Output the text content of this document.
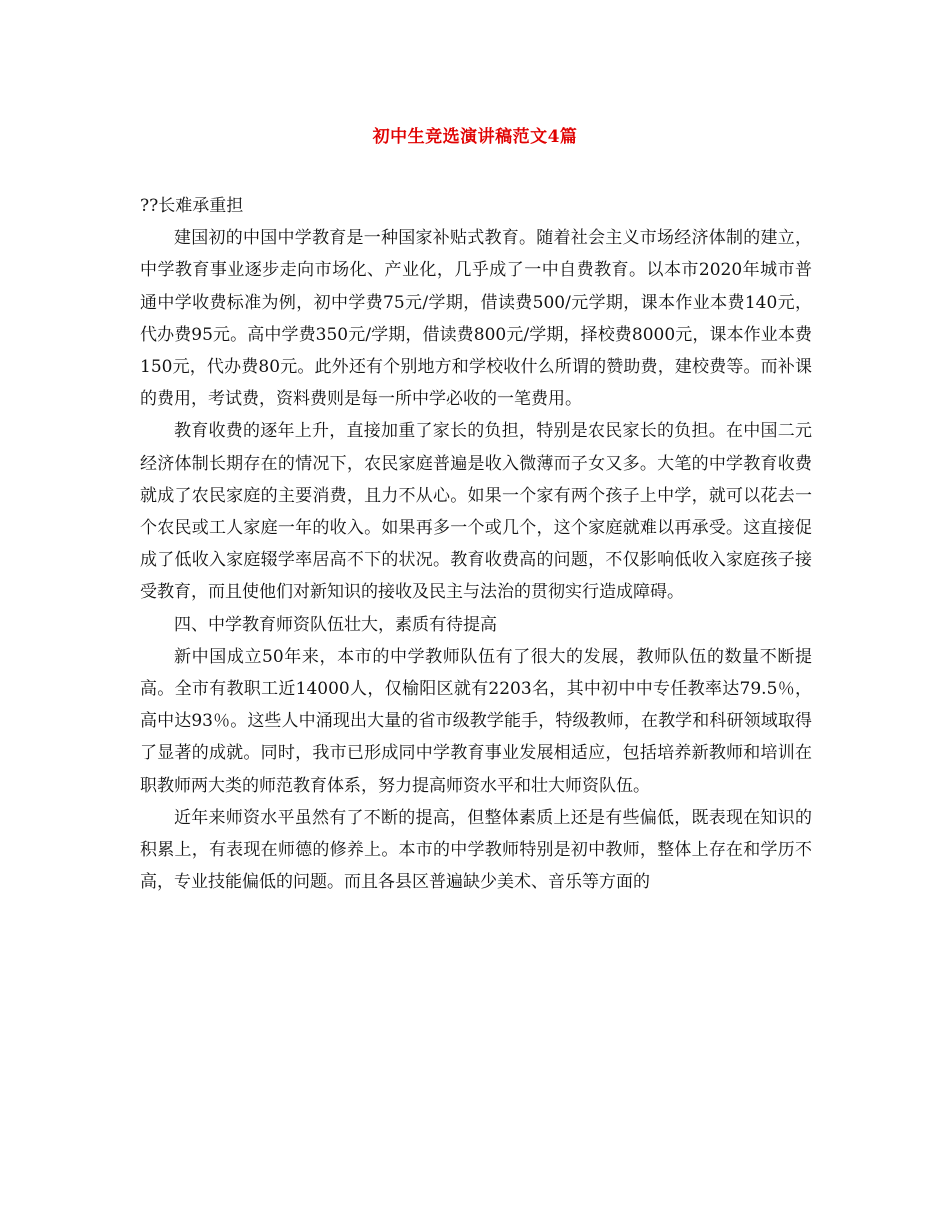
初中生竞选演讲稿范文4篇

??长难承重担

建国初的中国中学教育是一种国家补贴式教育。随着社会主义市场经济体制的建立，中学教育事业逐步走向市场化、产业化，几乎成了一中自费教育。以本市2020年城市普通中学收费标准为例，初中学费75元/学期，借读费500/元学期，课本作业本费140元，代办费95元。高中学费350元/学期，借读费800元/学期，择校费8000元，课本作业本费150元，代办费80元。此外还有个别地方和学校收什么所谓的赞助费，建校费等。而补课的费用，考试费，资料费则是每一所中学必收的一笔费用。

教育收费的逐年上升，直接加重了家长的负担，特别是农民家长的负担。在中国二元经济体制长期存在的情况下，农民家庭普遍是收入微薄而子女又多。大笔的中学教育收费就成了农民家庭的主要消费，且力不从心。如果一个家有两个孩子上中学，就可以花去一个农民或工人家庭一年的收入。如果再多一个或几个，这个家庭就难以再承受。这直接促成了低收入家庭辍学率居高不下的状况。教育收费高的问题，不仅影响低收入家庭孩子接受教育，而且使他们对新知识的接收及民主与法治的贯彻实行造成障碍。

四、中学教育师资队伍壮大，素质有待提高

新中国成立50年来，本市的中学教师队伍有了很大的发展，教师队伍的数量不断提高。全市有教职工近14000人，仅榆阳区就有2203名，其中初中中专任教率达79.5％，高中达93％。这些人中涌现出大量的省市级教学能手，特级教师，在教学和科研领域取得了显著的成就。同时，我市已形成同中学教育事业发展相适应，包括培养新教师和培训在职教师两大类的师范教育体系，努力提高师资水平和壮大师资队伍。

近年来师资水平虽然有了不断的提高，但整体素质上还是有些偏低，既表现在知识的积累上，有表现在师德的修养上。本市的中学教师特别是初中教师，整体上存在和学历不高，专业技能偏低的问题。而且各县区普遍缺少美术、音乐等方面的
